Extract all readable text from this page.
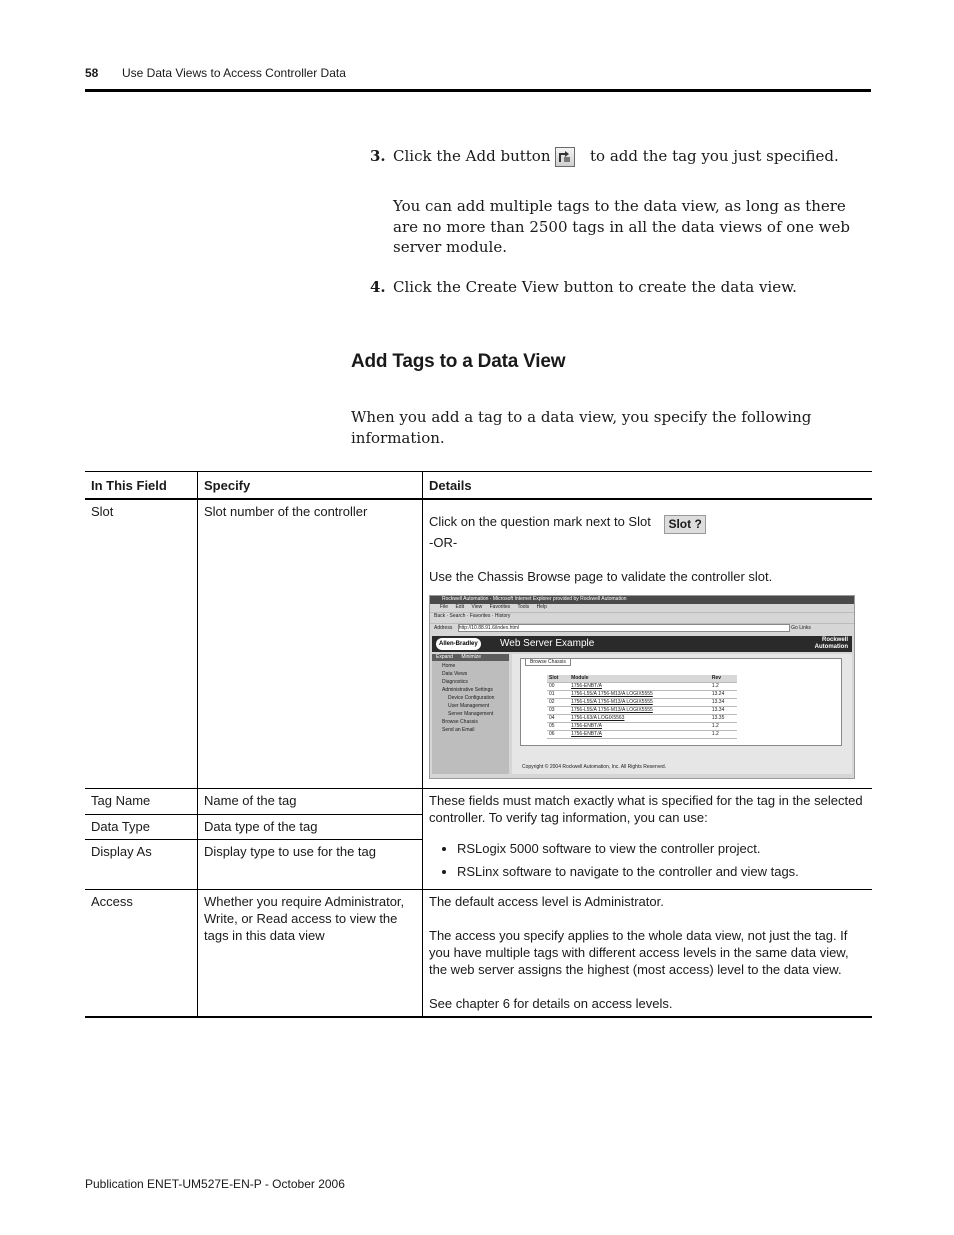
58 Use Data Views to Access Controller Data
3. Click the Add button	to add the tag you just specified.
You can add multiple tags to the data view, as long as there are no more than 2500 tags in all the data views of one web server module.
4. Click the Create View button to create the data view.
Add Tags to a Data View
When you add a tag to a data view, you specify the following information.
In This Field	Specify	Details
Slot	Slot number of the controller	
Click on the question mark next to Slot Slot ?
-OR-
Use the Chassis Browse page to validate the controller slot.
Rockwell Automation - Microsoft Internet Explorer provided by Rockwell Automation
File Edit View Favorites Tools Help
Back · Search · Favorites · History
Address http://10.88.91.6/index.html	Go Links
Allen-Bradley	Web Server Example	Rockwell
Automation
Expand Minimize
Home
Data Views
Diagnostics
Administrative Settings
Device Configuration
User Management
Server Management
Browse Chassis
Send an Email
Browse Chassis
Slot	Module	Rev
00	1756-ENBT/A	1.2
01	1756-L55/A 1756-M13/A LOGIX5555	13.24
02	1756-L55/A 1756-M13/A LOGIX5555	13.34
03	1756-L55/A 1756-M13/A LOGIX5555	13.34
04	1756-L63/A LOGIX5563	13.35
05	1756-ENBT/A	1.2
06	1756-ENBT/A	1.2
Copyright © 2004 Rockwell Automation, Inc. All Rights Reserved.

Tag Name	Name of the tag	These fields must match exactly what is specified for the tag in the selected controller. To verify tag information, you can use:
• RSLogix 5000 software to view the controller project.
• RSLinx software to navigate to the controller and view tags.

Data Type	Data type of the tag
Display As	Display type to use for the tag
Access	Whether you require Administrator, Write, or Read access to view the tags in this data view	
The default access level is Administrator.
The access you specify applies to the whole data view, not just the tag. If you have multiple tags with different access levels in the same data view, the web server assigns the highest (most access) level to the data view.
See chapter 6 for details on access levels.
Publication ENET-UM527E-EN-P - October 2006
